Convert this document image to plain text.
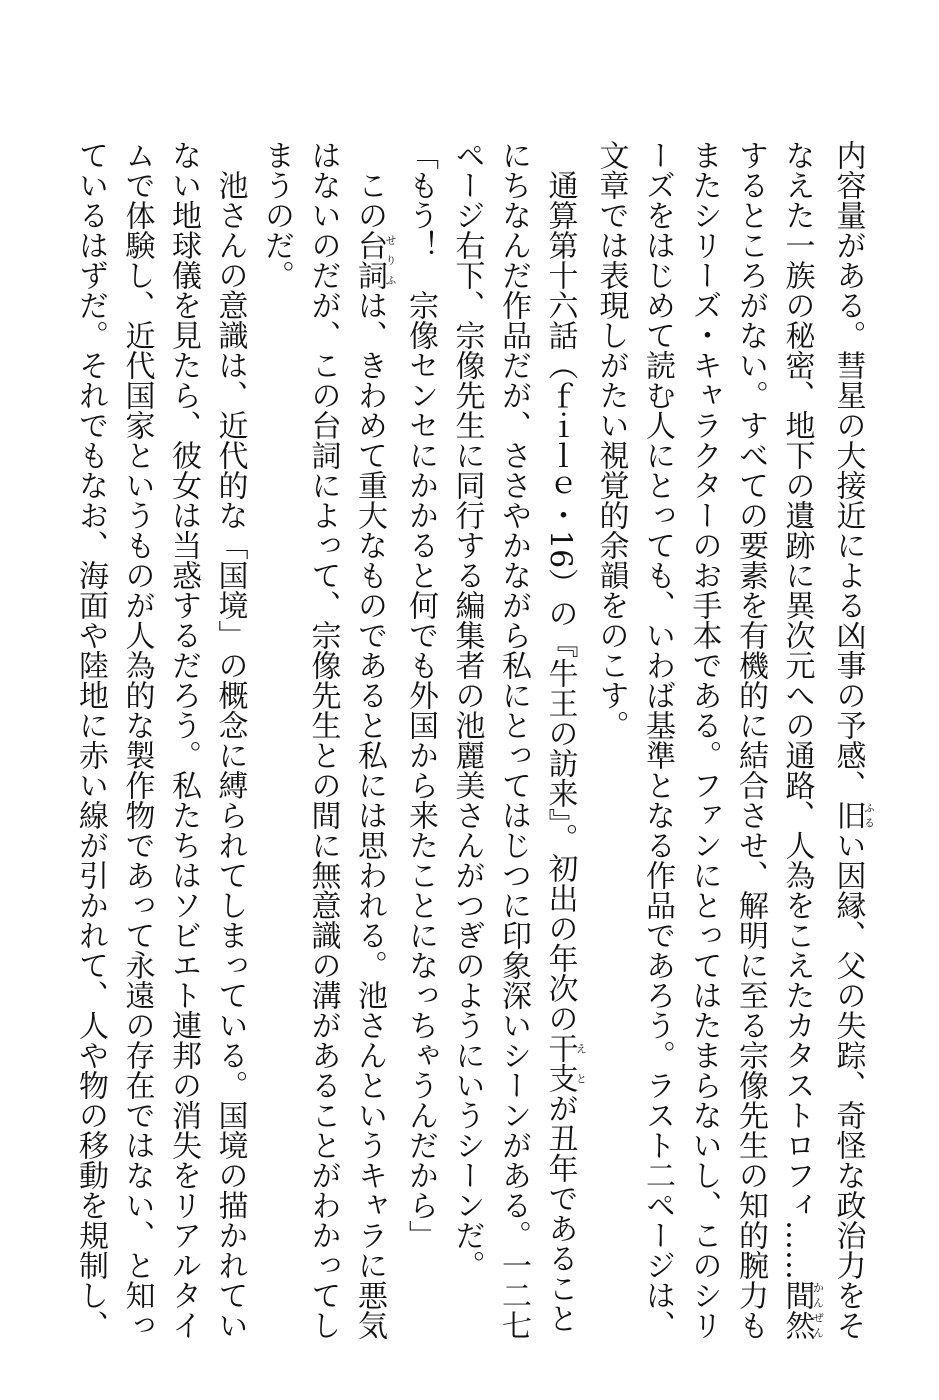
内容量がある。彗星の大接近による凶事の予感、旧ふるい因縁、父の失踪、奇怪な政治力をそ
なえた一族の秘密、地下の遺跡に異次元への通路、人為をこえたカタストロフィ……間然かんぜん
するところがない。すべての要素を有機的に結合させ、解明に至る宗像先生の知的腕力も
またシリーズ・キャラクターのお手本である。ファンにとってはたまらないし、このシリ
ーズをはじめて読む人にとっても、いわば基準となる作品であろう。ラスト二ページは、
文章では表現しがたい視覚的余韻をのこす。
　通算第十六話（ｆｉｌｅ・16）の『牛王の訪来』。初出の年次の干支えとが丑年であること
にちなんだ作品だが、ささやかながら私にとってはじつに印象深いシーンがある。一二七
ページ右下、宗像先生に同行する編集者の池麗美さんがつぎのようにいうシーンだ。
「もう！　宗像センセにかかると何でも外国から来たことになっちゃうんだから」
　この台詞せりふは、きわめて重大なものであると私には思われる。池さんというキャラに悪気
はないのだが、この台詞によって、宗像先生との間に無意識の溝があることがわかってし
まうのだ。
　池さんの意識は、近代的な「国境」の概念に縛られてしまっている。国境の描かれてい
ない地球儀を見たら、彼女は当惑するだろう。私たちはソビエト連邦の消失をリアルタイ
ムで体験し、近代国家というものが人為的な製作物であって永遠の存在ではない、と知っ
ているはずだ。それでもなお、海面や陸地に赤い線が引かれて、人や物の移動を規制し、
